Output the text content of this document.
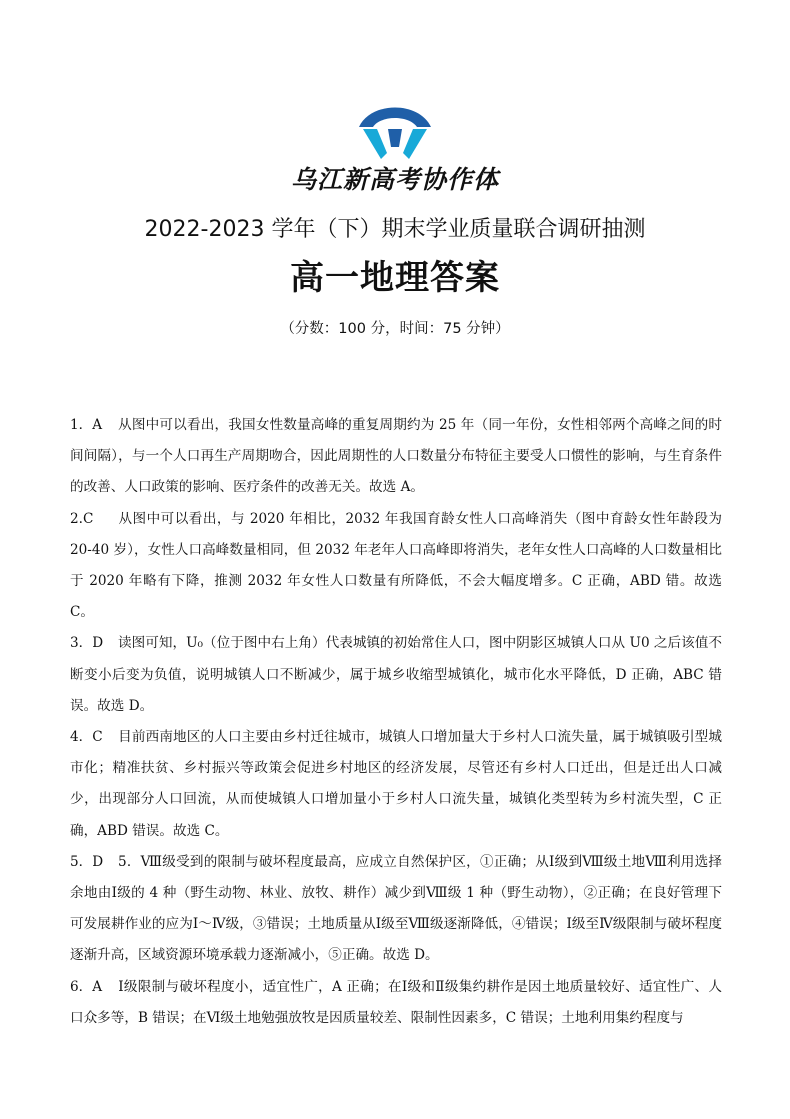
乌江新高考协作体
2022-2023 学年（下）期末学业质量联合调研抽测
高一地理答案
（分数：100 分，时间：75 分钟）

1．A 从图中可以看出，我国女性数量高峰的重复周期约为 25 年（同一年份，女性相邻两个高峰之间的时间间隔），与一个人口再生产周期吻合，因此周期性的人口数量分布特征主要受人口惯性的影响，与生育条件的改善、人口政策的影响、医疗条件的改善无关。故选 A。

2.C 从图中可以看出，与 2020 年相比，2032 年我国育龄女性人口高峰消失（图中育龄女性年龄段为 20-40 岁），女性人口高峰数量相同，但 2032 年老年人口高峰即将消失，老年女性人口高峰的人口数量相比于 2020 年略有下降，推测 2032 年女性人口数量有所降低，不会大幅度增多。C 正确，ABD 错。故选 C。

3．D 读图可知，U₀（位于图中右上角）代表城镇的初始常住人口，图中阴影区城镇人口从 U0 之后该值不断变小后变为负值，说明城镇人口不断减少，属于城乡收缩型城镇化，城市化水平降低，D 正确，ABC 错误。故选 D。

4．C 目前西南地区的人口主要由乡村迁往城市，城镇人口增加量大于乡村人口流失量，属于城镇吸引型城市化；精准扶贫、乡村振兴等政策会促进乡村地区的经济发展，尽管还有乡村人口迁出，但是迁出人口减少，出现部分人口回流，从而使城镇人口增加量小于乡村人口流失量，城镇化类型转为乡村流失型，C 正确，ABD 错误。故选 C。

5．D 5．Ⅷ级受到的限制与破坏程度最高，应成立自然保护区，①正确；从Ⅰ级到Ⅷ级土地Ⅷ利用选择余地由Ⅰ级的 4 种（野生动物、林业、放牧、耕作）减少到Ⅷ级 1 种（野生动物），②正确；在良好管理下可发展耕作业的应为Ⅰ～Ⅳ级，③错误；土地质量从Ⅰ级至Ⅷ级逐渐降低，④错误；Ⅰ级至Ⅳ级限制与破坏程度逐渐升高，区域资源环境承载力逐渐减小，⑤正确。故选 D。

6．A Ⅰ级限制与破坏程度小，适宜性广，A 正确；在Ⅰ级和Ⅱ级集约耕作是因土地质量较好、适宜性广、人口众多等，B 错误；在Ⅵ级土地勉强放牧是因质量较差、限制性因素多，C 错误；土地利用集约程度与
